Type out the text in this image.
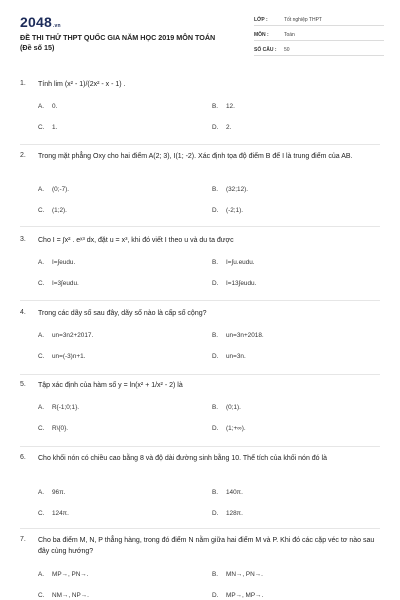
2048.vn
ĐỀ THI THỬ THPT QUỐC GIA NĂM HỌC 2019 MÔN TOÁN
(Đề số 15)
LỚP :	Tốt nghiệp THPT
MÔN :	Toán
SỐ CÂU : 50
1. Tính lim (x² - 1)/(2x² - x - 1) .
A. 0.	B. 12.
C. 1.	D. 2.
2. Trong mặt phẳng Oxy cho hai điểm A(2; 3), I(1; -2). Xác định tọa độ điểm B để I là trung điểm của AB.
A. (0;-7).	B. (32;12).
C. (1;2).	D. (-2;1).
3. Cho I = ∫x² . eˣ³ dx, đặt u = x³, khi đó viết I theo u và du ta được
A. I=∫eudu.	B. I=∫u.eudu.
C. I=3∫eudu.	D. I=13∫eudu.
4. Trong các dãy số sau đây, dãy số nào là cấp số cộng?
A. un=3n2+2017.	B. un=3n+2018.
C. un=(-3)n+1.	D. un=3n.
5. Tập xác định của hàm số y = ln(x² + 1/x² - 2) là
A. R{-1;0;1}.	B. (0;1).
C. R\{0}.	D. (1;+∞).
6. Cho khối nón có chiều cao bằng 8 và độ dài đường sinh bằng 10. Thể tích của khối nón đó là
A. 96π.	B. 140π.
C. 124π.	D. 128π.
7. Cho ba điểm M, N, P thẳng hàng, trong đó điểm N nằm giữa hai điểm M và P. Khi đó các cặp véc tơ nào sau đây cùng hướng?
A. MP→, PN→.	B. MN→, PN→.
C. NM→, NP→.	D. MP→, MP→.
